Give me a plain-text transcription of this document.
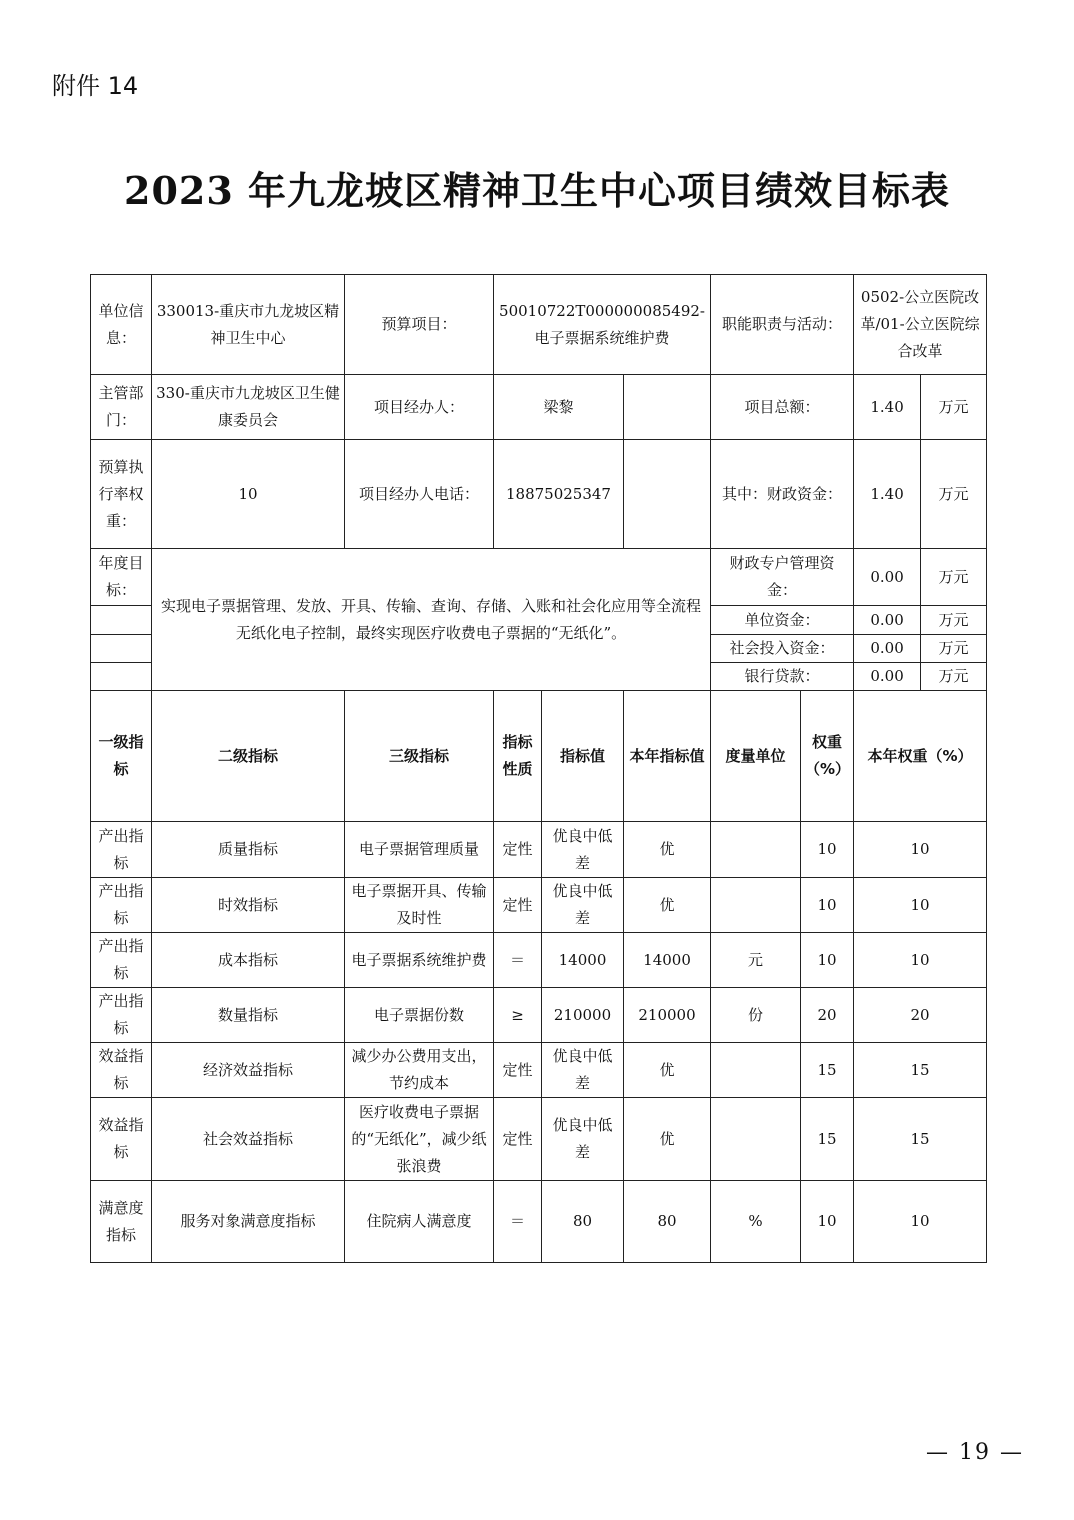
附件 14
2023 年九龙坡区精神卫生中心项目绩效目标表
单位信息：	330013-重庆市九龙坡区精神卫生中心	预算项目：	50010722T000000085492-电子票据系统维护费			职能职责与活动：		0502-公立医院改革/01-公立医院综合改革	
主管部门：	330-重庆市九龙坡区卫生健康委员会	项目经办人：	梁黎			项目总额：		1.40	万元
预算执行率权重：	10	项目经办人电话：	18875025347			其中：财政资金：		1.40	万元
年度目标：	实现电子票据管理、发放、开具、传输、查询、存储、入账和社会化应用等全流程无纸化电子控制，最终实现医疗收费电子票据的“无纸化”。					财政专户管理资金：		0.00	万元
						单位资金：		0.00	万元
						社会投入资金：		0.00	万元
						银行贷款：		0.00	万元
一级指标	二级指标	三级指标	指标性质	指标值	本年指标值	度量单位	权重（%）	本年权重（%）	
产出指标	质量指标	电子票据管理质量	定性	优良中低差	优		10	10	
产出指标	时效指标	电子票据开具、传输及时性	定性	优良中低差	优		10	10	
产出指标	成本指标	电子票据系统维护费	＝	14000	14000	元	10	10	
产出指标	数量指标	电子票据份数	≥	210000	210000	份	20	20	
效益指标	经济效益指标	减少办公费用支出，节约成本	定性	优良中低差	优		15	15	
效益指标	社会效益指标	医疗收费电子票据的“无纸化”，减少纸张浪费	定性	优良中低差	优		15	15	
满意度指标	服务对象满意度指标	住院病人满意度	＝	80	80	%	10	10	
— 19 —
